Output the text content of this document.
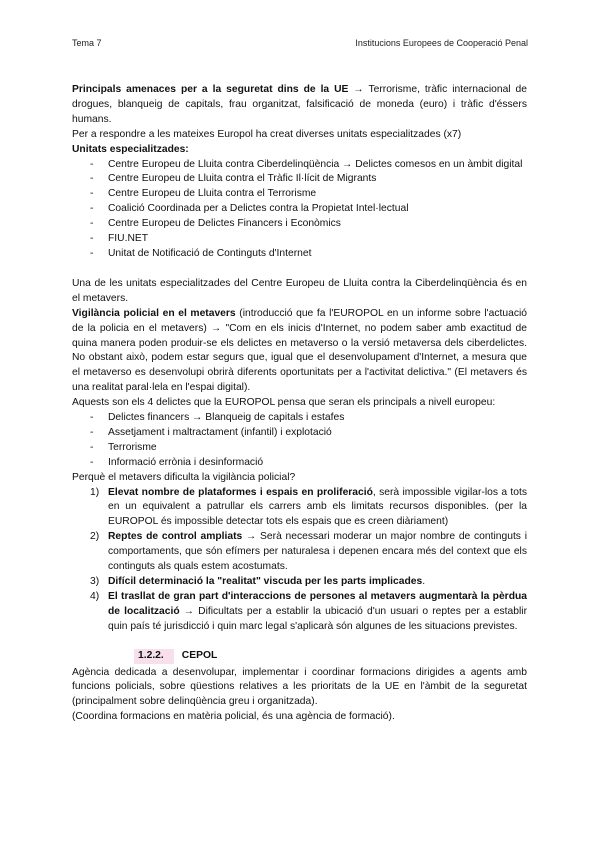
Tema 7	Institucions Europees de Cooperació Penal

Principals amenaces per a la seguretat dins de la UE → Terrorisme, tràfic internacional de drogues, blanqueig de capitals, frau organitzat, falsificació de moneda (euro) i tràfic d'éssers humans.

Per a respondre a les mateixes Europol ha creat diverses unitats especialitzades (x7)

Unitats especialitzades:

- Centre Europeu de Lluita contra Ciberdelinqüència → Delictes comesos en un àmbit digital
- Centre Europeu de Lluita contra el Tràfic Il·lícit de Migrants
- Centre Europeu de Lluita contra el Terrorisme
- Coalició Coordinada per a Delictes contra la Propietat Intel·lectual
- Centre Europeu de Delictes Financers i Econòmics
- FIU.NET
- Unitat de Notificació de Continguts d'Internet

Una de les unitats especialitzades del Centre Europeu de Lluita contra la Ciberdelinqüència és en el metavers.

Vigilància policial en el metavers (introducció que fa l'EUROPOL en un informe sobre l'actuació de la policia en el metavers) → "Com en els inicis d'Internet, no podem saber amb exactitud de quina manera poden produir-se els delictes en metaverso o la versió metaversa dels ciberdelictes. No obstant això, podem estar segurs que, igual que el desenvolupament d'Internet, a mesura que el metaverso es desenvolupi obrirà diferents oportunitats per a l'activitat delictiva." (El metavers és una realitat paral·lela en l'espai digital).

Aquests son els 4 delictes que la EUROPOL pensa que seran els principals a nivell europeu:

- Delictes financers → Blanqueig de capitals i estafes
- Assetjament i maltractament (infantil) i explotació
- Terrorisme
- Informació errònia i desinformació

Perquè el metavers dificulta la vigilància policial?

1) Elevat nombre de plataformes i espais en proliferació, serà impossible vigilar-los a tots en un equivalent a patrullar els carrers amb els limitats recursos disponibles. (per la EUROPOL és impossible detectar tots els espais que es creen diàriament)
2) Reptes de control ampliats → Serà necessari moderar un major nombre de continguts i comportaments, que són efímers per naturalesa i depenen encara més del context que els continguts als quals estem acostumats.
3) Difícil determinació la "realitat" viscuda per les parts implicades.
4) El trasllat de gran part d'interaccions de persones al metavers augmentarà la pèrdua de localització → Dificultats per a establir la ubicació d'un usuari o reptes per a establir quin país té jurisdicció i quin marc legal s'aplicarà són algunes de les situacions previstes.
1.2.2. CEPOL

Agència dedicada a desenvolupar, implementar i coordinar formacions dirigides a agents amb funcions policials, sobre qüestions relatives a les prioritats de la UE en l'àmbit de la seguretat (principalment sobre delinqüència greu i organitzada).

(Coordina formacions en matèria policial, és una agència de formació).
